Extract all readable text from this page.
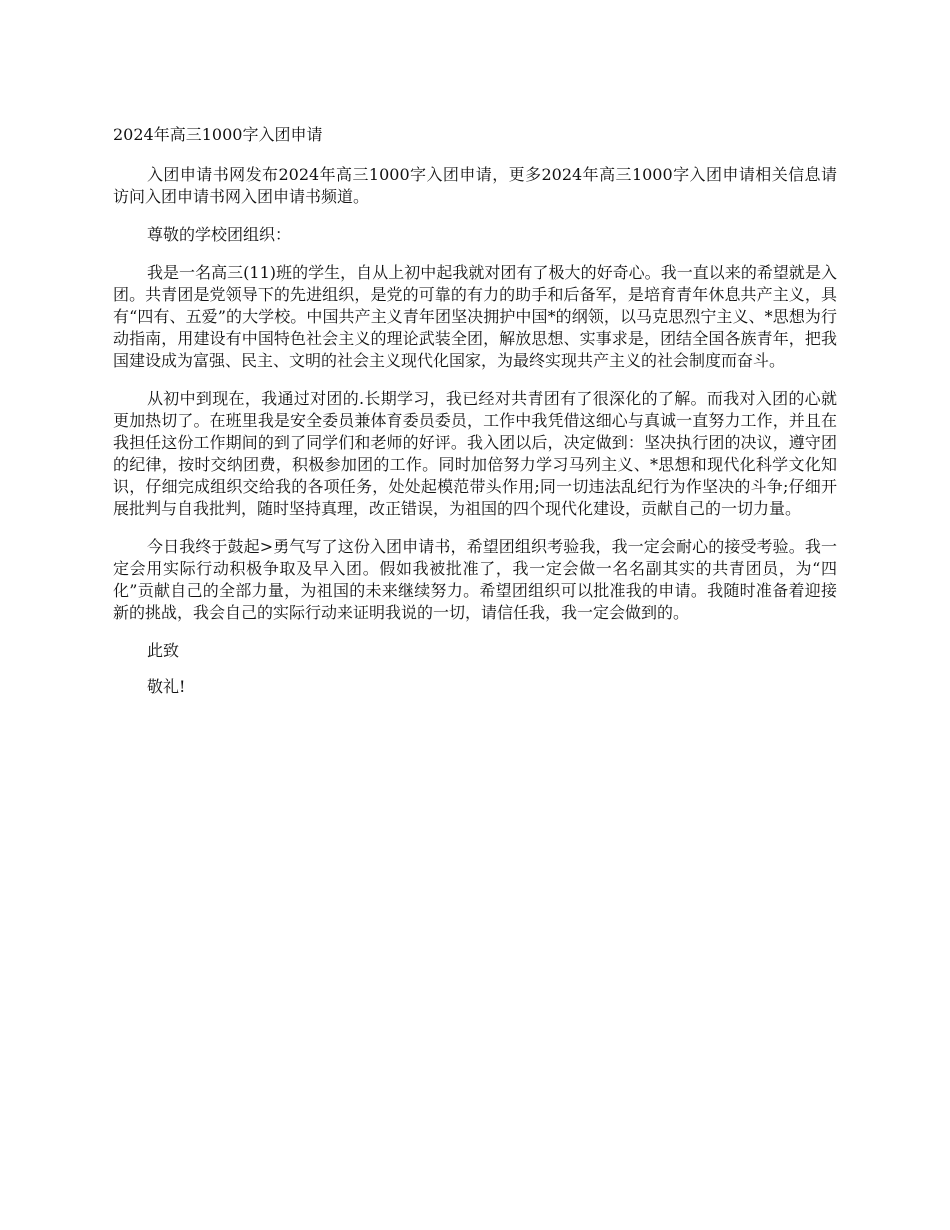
2024年高三1000字入团申请

入团申请书网发布2024年高三1000字入团申请，更多2024年高三1000字入团申请相关信息请访问入团申请书网入团申请书频道。

尊敬的学校团组织：

我是一名高三(11)班的学生，自从上初中起我就对团有了极大的好奇心。我一直以来的希望就是入团。共青团是党领导下的先进组织，是党的可靠的有力的助手和后备军，是培育青年休息共产主义，具有“四有、五爱”的大学校。中国共产主义青年团坚决拥护中国*的纲领，以马克思烈宁主义、*思想为行动指南，用建设有中国特色社会主义的理论武装全团，解放思想、实事求是，团结全国各族青年，把我国建设成为富强、民主、文明的社会主义现代化国家，为最终实现共产主义的社会制度而奋斗。

从初中到现在，我通过对团的.长期学习，我已经对共青团有了很深化的了解。而我对入团的心就更加热切了。在班里我是安全委员兼体育委员委员，工作中我凭借这细心与真诚一直努力工作，并且在我担任这份工作期间的到了同学们和老师的好评。我入团以后，决定做到：坚决执行团的决议，遵守团的纪律，按时交纳团费，积极参加团的工作。同时加倍努力学习马列主义、*思想和现代化科学文化知识，仔细完成组织交给我的各项任务，处处起模范带头作用;同一切违法乱纪行为作坚决的斗争;仔细开展批判与自我批判，随时坚持真理，改正错误，为祖国的四个现代化建设，贡献自己的一切力量。

今日我终于鼓起>勇气写了这份入团申请书，希望团组织考验我，我一定会耐心的接受考验。我一定会用实际行动积极争取及早入团。假如我被批准了，我一定会做一名名副其实的共青团员，为“四化”贡献自己的全部力量，为祖国的未来继续努力。希望团组织可以批准我的申请。我随时准备着迎接新的挑战，我会自己的实际行动来证明我说的一切，请信任我，我一定会做到的。

此致

敬礼!
